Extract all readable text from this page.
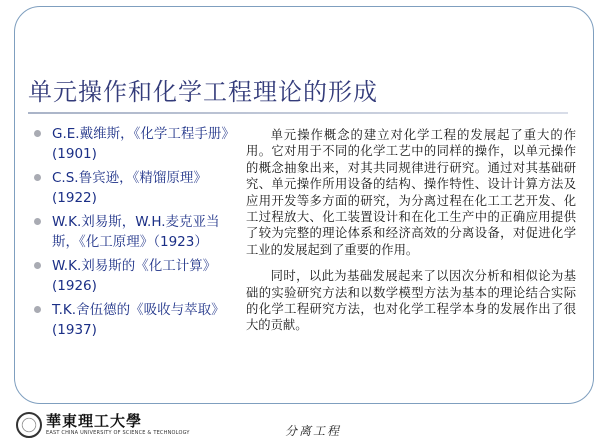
单元操作和化学工程理论的形成
G.E.戴维斯，《化学工程手册》(1901)
C.S.鲁宾逊，《精馏原理》(1922)
W.K.刘易斯，W.H.麦克亚当斯，《化工原理》（1923）
W.K.刘易斯的《化工计算》(1926)
T.K.舍伍德的《吸收与萃取》(1937)

单元操作概念的建立对化学工程的发展起了重大的作用。它对用于不同的化学工艺中的同样的操作，以单元操作的概念抽象出来，对其共同规律进行研究。通过对其基础研究、单元操作所用设备的结构、操作特性、设计计算方法及应用开发等多方面的研究，为分离过程在化工工艺开发、化工过程放大、化工装置设计和在化工生产中的正确应用提供了较为完整的理论体系和经济高效的分离设备，对促进化学工业的发展起到了重要的作用。

同时，以此为基础发展起来了以因次分析和相似论为基础的实验研究方法和以数学模型方法为基本的理论结合实际的化学工程研究方法，也对化学工程学本身的发展作出了很大的贡献。

華東理工大學
EAST CHINA UNIVERSITY OF SCIENCE & TECHNOLOGY	分离工程
